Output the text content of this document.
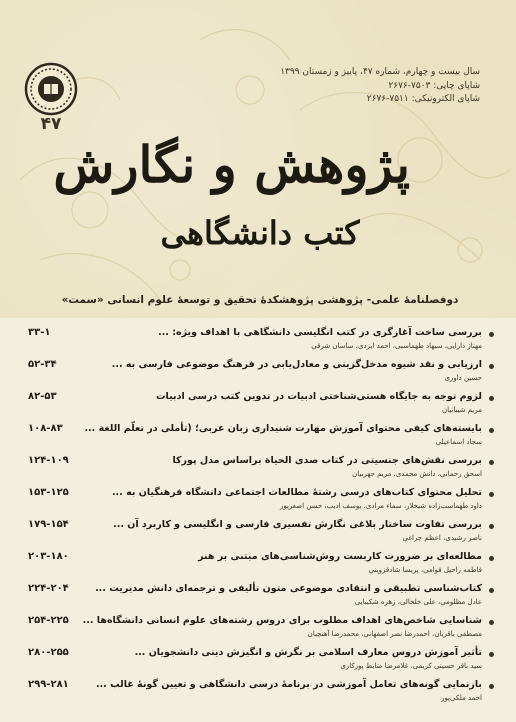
سال بیست و چهارم، شماره ۴۷، پاییز و زمستان ۱۳۹۹
شاپای چاپی: ۷۵۰۳-۲۶۷۶
شاپای الکترونیکی: ۷۵۱۱-۲۶۷۶
۴۷
پژوهش و نگارش
کتب دانشگاهی
دوفصلنامهٔ علمی- پژوهشی پژوهشکدهٔ تحقیق و توسعهٔ علوم انسانی «سمت»
بررسی ساخت آغازگری در کتب انگلیسی دانشگاهی با اهداف ویژه: ...
مهناز دارایی، سیهاد طهماسبی، احمد ایزدی، ساسان شرقی
۳۳-۱
ارزیابی و نقد شیوه مدخل‌گزینی و معادل‌یابی در فرهنگ موضوعی فارسی به ...
حسین داوری
۵۲-۳۴
لزوم توجه به جایگاه هستی‌شناختی ادبیات در تدوین کتب درسی ادبیات
مریم شیبانیان
۸۲-۵۳
بایسته‌های کیفی محتوای آموزش مهارت شنیداری زبان عربی؛ (تأملی در تعلّم اللغة ...
سجاد اسماعیلی
۱۰۸-۸۳
بررسی نقش‌های جنسیتی در کتاب صدی الحیاة براساس مدل پورکا
اسحق رحمانی، دانش محمدی، مریم جهربیان
۱۲۴-۱۰۹
تحلیل محتوای کتاب‌های درسی رشتهٔ مطالعات اجتماعی دانشگاه فرهنگیان به ...
داود طهماسب‌زاده شیخلار، سماء مرادی، یوسف ادیب، حسن اصغرپور
۱۵۳-۱۲۵
بررسی تفاوت ساختار بلاغی نگارش تفسیری فارسی و انگلیسی و کاربرد آن ...
ناصر رشیدی، اعظم چراغی
۱۷۹-۱۵۴
مطالعه‌ای بر ضرورت کاربست روش‌شناسی‌های مبتنی بر هنر
فاطمه راحیل قوامی، پریسا شادقزوینی
۲۰۳-۱۸۰
کتاب‌شناسی تطبیقی و انتقادی موضوعی متون تألیفی و ترجمه‌ای دانش مدیریت ...
عادل مظلومی، علی خلخالی، زهره شکیبایی
۲۲۴-۲۰۴
شناسایی شاخص‌های اهداف مطلوب برای دروس رشته‌های علوم انسانی دانشگاه‌ها ...
مصطفی باقریان، احمدرضا نصر اصفهانی، محمدرضا آهنچیان
۲۵۴-۲۲۵
تأثیر آموزش دروس معارف اسلامی بر نگرش و انگیزش دینی دانشجویان ...
سید باقر حسینی کریمی، غلامرضا ضابط پورکاری
۲۸۰-۲۵۵
بازنمایی گونه‌های تعامل آموزشی در برنامهٔ درسی دانشگاهی و تعیین گونهٔ غالب ...
احمد ملکی‌پور
۲۹۹-۲۸۱
